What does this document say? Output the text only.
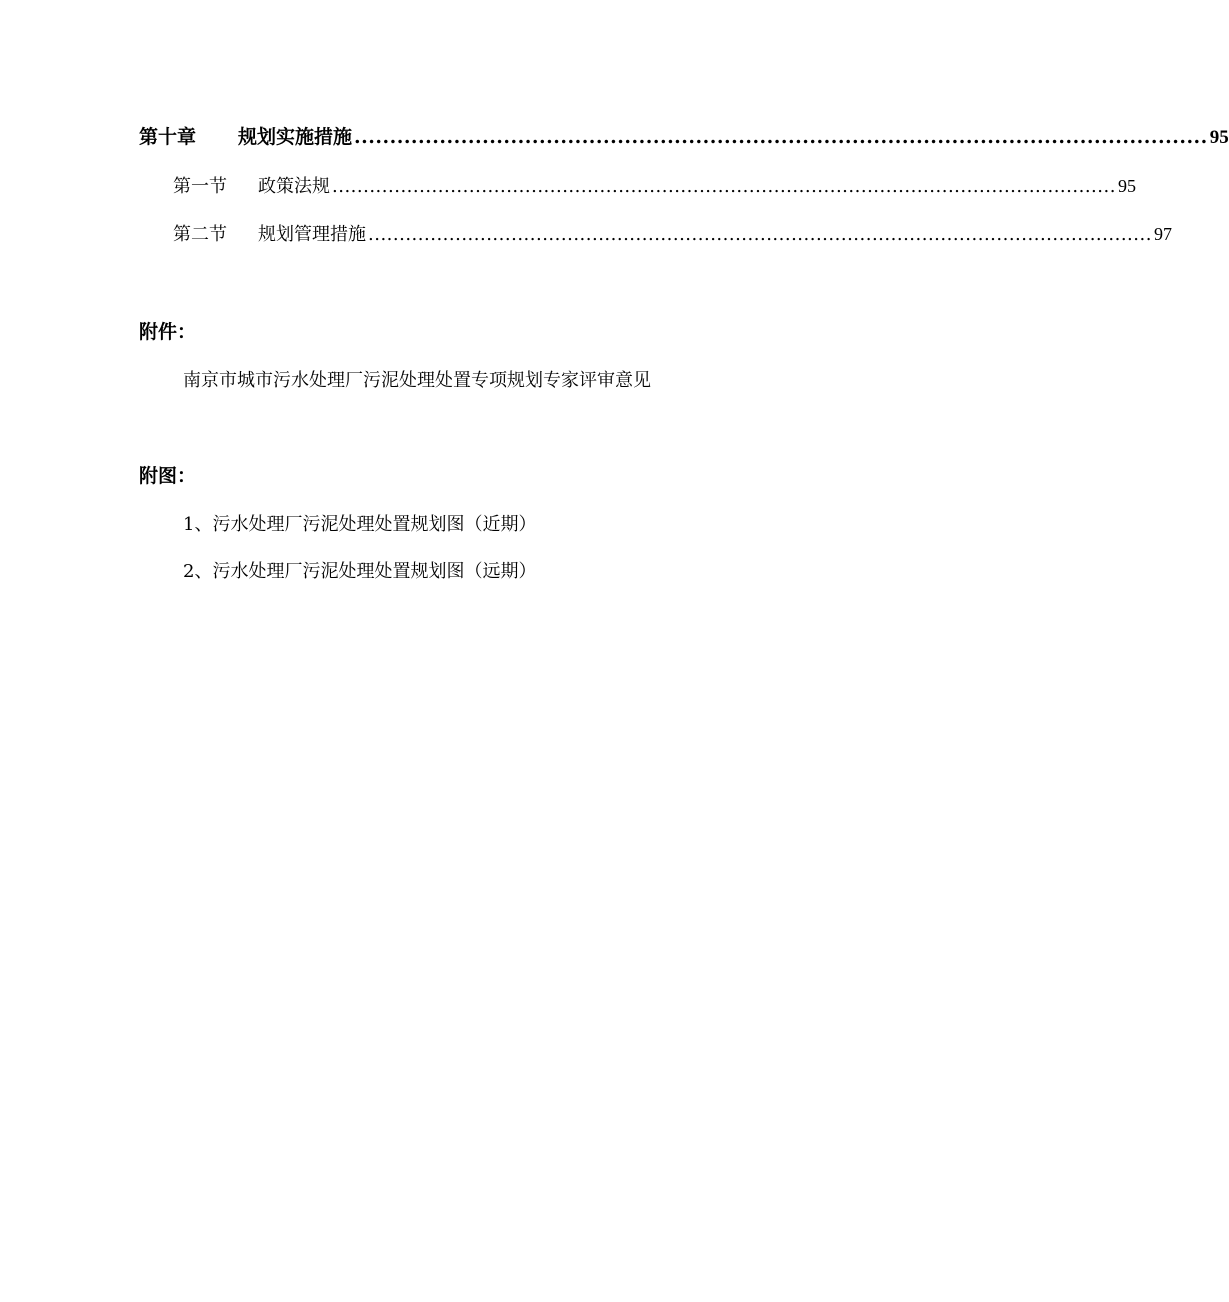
第十章 规划实施措施 ........................................................................................................................ 95
第一节 政策法规 .............................................................................................................................. 95
第二节 规划管理措施 .............................................................................................................................. 97
附件：
南京市城市污水处理厂污泥处理处置专项规划专家评审意见
附图：
1、污水处理厂污泥处理处置规划图（近期）
2、污水处理厂污泥处理处置规划图（远期）
